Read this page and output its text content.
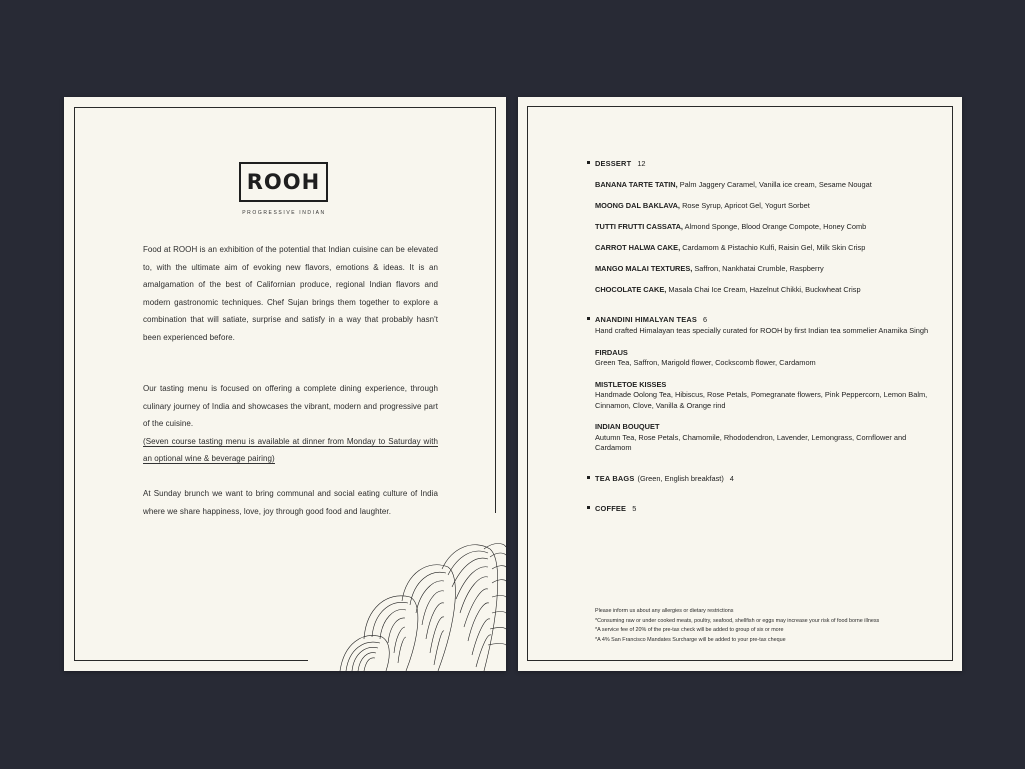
ROOH
PROGRESSIVE INDIAN
Food at ROOH is an exhibition of the potential that Indian cuisine can be elevated to, with the ultimate aim of evoking new flavors, emotions & ideas. It is an amalgamation of the best of Californian produce, regional Indian flavors and modern gastronomic techniques. Chef Sujan brings them together to explore a combination that will satiate, surprise and satisfy in a way that probably hasn't been experienced before.
Our tasting menu is focused on offering a complete dining experience, through culinary journey of India and showcases the vibrant, modern and progressive part of the cuisine.
(Seven course tasting menu is available at dinner from Monday to Saturday with an optional wine & beverage pairing)
At Sunday brunch we want to bring communal and social eating culture of India where we share happiness, love, joy through good food and laughter.
DESSERT 12
BANANA TARTE TATIN, Palm Jaggery Caramel, Vanilla ice cream, Sesame Nougat
MOONG DAL BAKLAVA, Rose Syrup, Apricot Gel, Yogurt Sorbet
TUTTI FRUTTI CASSATA, Almond Sponge, Blood Orange Compote, Honey Comb
CARROT HALWA CAKE, Cardamom & Pistachio Kulfi, Raisin Gel, Milk Skin Crisp
MANGO MALAI TEXTURES, Saffron, Nankhatai Crumble, Raspberry
CHOCOLATE CAKE, Masala Chai Ice Cream, Hazelnut Chikki, Buckwheat Crisp
ANANDINI HIMALYAN TEAS 6
Hand crafted Himalayan teas specially curated for ROOH by first Indian tea sommelier Anamika Singh
FIRDAUS
Green Tea, Saffron, Marigold flower, Cockscomb flower, Cardamom
MISTLETOE KISSES
Handmade Oolong Tea, Hibiscus, Rose Petals, Pomegranate flowers, Pink Peppercorn, Lemon Balm, Cinnamon, Clove, Vanilla & Orange rind
INDIAN BOUQUET
Autumn Tea, Rose Petals, Chamomile, Rhododendron, Lavender, Lemongrass, Cornflower and Cardamom
TEA BAGS (Green, English breakfast) 4
COFFEE 5
Please inform us about any allergies or dietary restrictions
*Consuming raw or under cooked meats, poultry, seafood, shellfish or eggs may increase your risk of food borne illness
*A service fee of 20% of the pre-tax check will be added to group of six or more
*A 4% San Francisco Mandates Surcharge will be added to your pre-tax cheque
